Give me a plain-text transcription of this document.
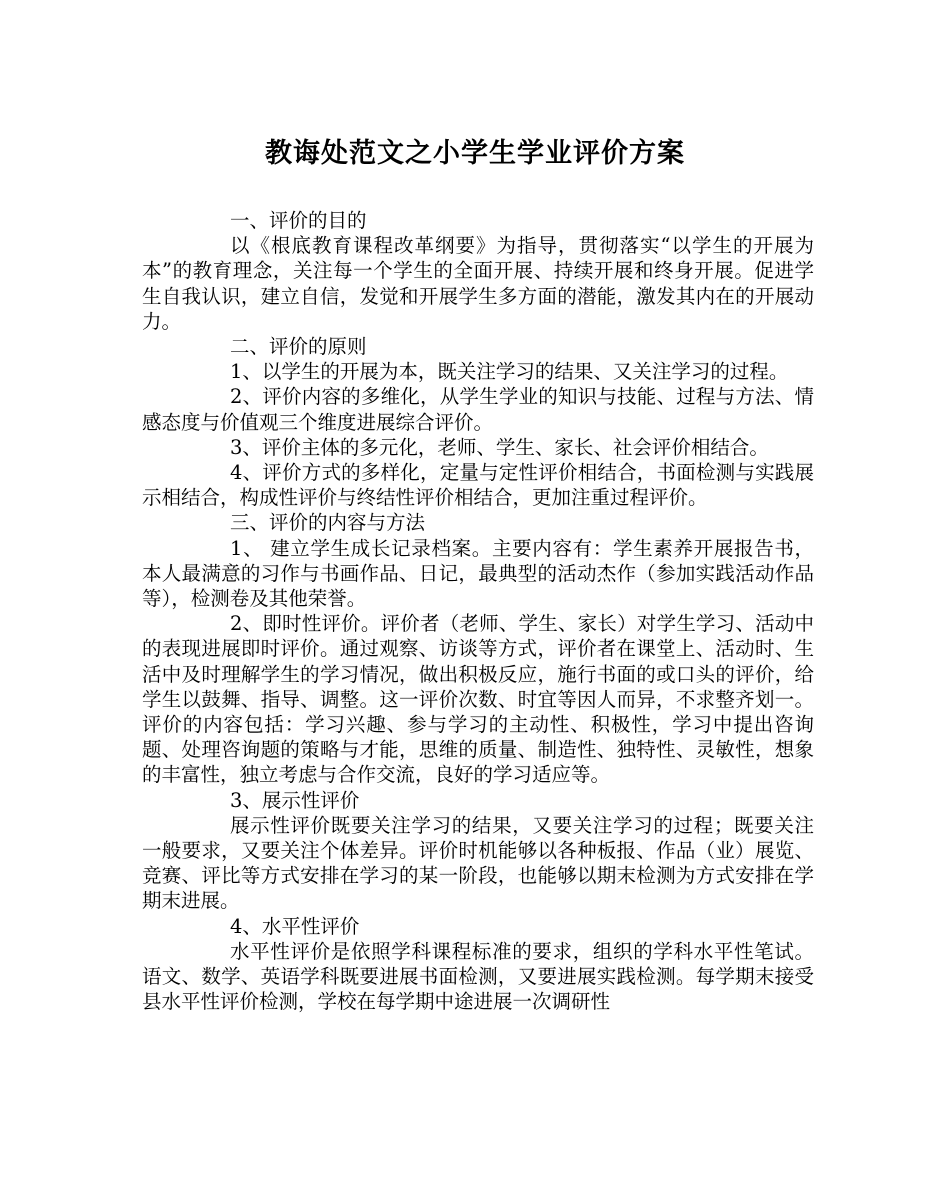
教诲处范文之小学生学业评价方案

一、评价的目的

以《根底教育课程改革纲要》为指导，贯彻落实“以学生的开展为本”的教育理念，关注每一个学生的全面开展、持续开展和终身开展。促进学生自我认识，建立自信，发觉和开展学生多方面的潜能，激发其内在的开展动力。

二、评价的原则

1、以学生的开展为本，既关注学习的结果、又关注学习的过程。

2、评价内容的多维化，从学生学业的知识与技能、过程与方法、情感态度与价值观三个维度进展综合评价。

3、评价主体的多元化，老师、学生、家长、社会评价相结合。

4、评价方式的多样化，定量与定性评价相结合，书面检测与实践展示相结合，构成性评价与终结性评价相结合，更加注重过程评价。

三、评价的内容与方法

1、 建立学生成长记录档案。主要内容有：学生素养开展报告书，本人最满意的习作与书画作品、日记，最典型的活动杰作（参加实践活动作品等），检测卷及其他荣誉。

2、即时性评价。评价者（老师、学生、家长）对学生学习、活动中的表现进展即时评价。通过观察、访谈等方式，评价者在课堂上、活动时、生活中及时理解学生的学习情况，做出积极反应，施行书面的或口头的评价，给学生以鼓舞、指导、调整。这一评价次数、时宜等因人而异，不求整齐划一。评价的内容包括：学习兴趣、参与学习的主动性、积极性，学习中提出咨询题、处理咨询题的策略与才能，思维的质量、制造性、独特性、灵敏性，想象的丰富性，独立考虑与合作交流，良好的学习适应等。

3、展示性评价

展示性评价既要关注学习的结果，又要关注学习的过程；既要关注一般要求，又要关注个体差异。评价时机能够以各种板报、作品（业）展览、竞赛、评比等方式安排在学习的某一阶段，也能够以期末检测为方式安排在学期末进展。

4、水平性评价

水平性评价是依照学科课程标准的要求，组织的学科水平性笔试。语文、数学、英语学科既要进展书面检测，又要进展实践检测。每学期末接受县水平性评价检测，学校在每学期中途进展一次调研性
